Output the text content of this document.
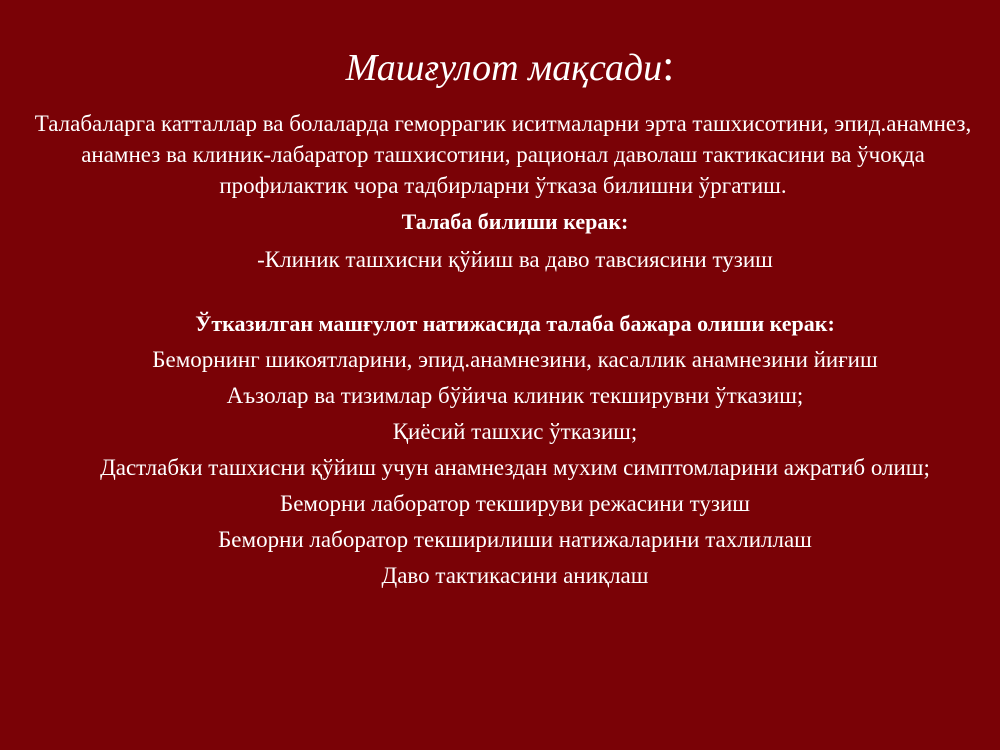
Машғулот мақсади:

Талабаларга катталлар ва болаларда геморрагик иситмаларни эрта ташхисотини, эпид.анамнез, анамнез ва клиник-лабаратор ташхисотини, рационал даволаш тактикасини ва ўчоқда профилактик чора тадбирларни ўтказа билишни ўргатиш.

Талаба билиши керак:

-Клиник ташхисни қўйиш ва даво тавсиясини тузиш

Ўтказилган машғулот натижасида талаба бажара олиши керак:

Беморнинг шикоятларини, эпид.анамнезини, касаллик анамнезини йиғиш

Аъзолар ва тизимлар бўйича клиник текширувни ўтказиш;

Қиёсий ташхис ўтказиш;

Дастлабки ташхисни қўйиш учун анамнездан мухим симптомларини ажратиб олиш;

Беморни лаборатор текшируви режасини тузиш

Беморни лаборатор текширилиши натижаларини тахлиллаш

Даво тактикасини аниқлаш
